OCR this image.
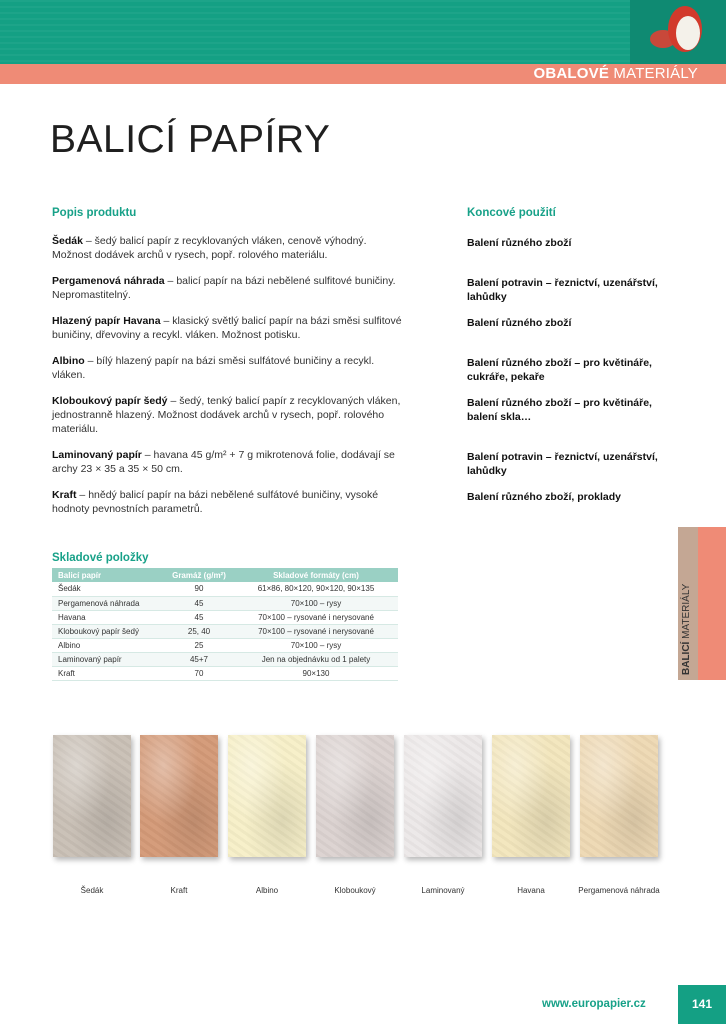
OBALOVÉ MATERIÁLY
BALICÍ PAPÍRY
Popis produktu	Koncové použití
Šedák – šedý balicí papír z recyklovaných vláken, cenově výhodný. Možnost dodávek archů v rysech, popř. rolového materiálu.
Pergamenová náhrada – balicí papír na bázi nebělené sulfitové buničiny. Nepromastitelný.
Hlazený papír Havana – klasický světlý balicí papír na bázi směsi sulfitové buničiny, dřevoviny a recykl. vláken. Možnost potisku.
Albino – bílý hlazený papír na bázi směsi sulfátové buničiny a recykl. vláken.
Kloboukový papír šedý – šedý, tenký balicí papír z recyklovaných vláken, jednostranně hlazený. Možnost dodávek archů v rysech, popř. rolového materiálu.
Laminovaný papír – havana 45 g/m² + 7 g mikrotenová folie, dodávají se archy 23 × 35 a 35 × 50 cm.
Kraft – hnědý balicí papír na bázi nebělené sulfátové buničiny, vysoké hodnoty pevnostních parametrů.
Balení různého zboží
Balení potravin – řeznictví, uzenářství, lahůdky
Balení různého zboží
Balení různého zboží – pro květináře, cukráře, pekaře
Balení různého zboží – pro květináře, balení skla…
Balení potravin – řeznictví, uzenářství, lahůdky
Balení různého zboží, proklady
BALICÍ MATERIÁLY
Skladové položky
Balicí papír	Gramáž (g/m²)	Skladové formáty (cm)
Šedák	90	61×86, 80×120, 90×120, 90×135
Pergamenová náhrada	45	70×100 – rysy
Havana	45	70×100 – rysované i nerysované
Kloboukový papír šedý	25, 40	70×100 – rysované i nerysované
Albino	25	70×100 – rysy
Laminovaný papír	45+7	Jen na objednávku od 1 palety
Kraft	70	90×130
Šedák	Kraft	Albino	Kloboukový	Laminovaný	Havana	Pergamenová náhrada
www.europapier.cz	141
